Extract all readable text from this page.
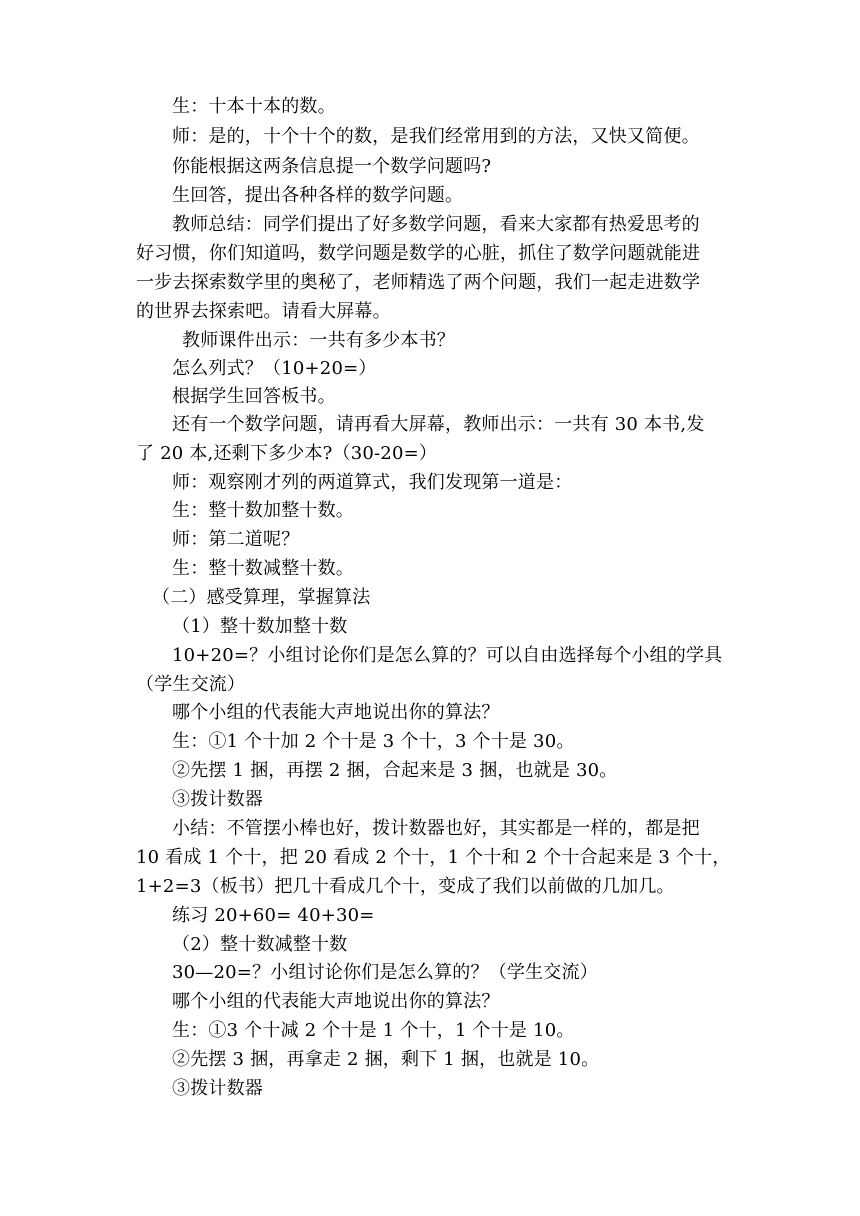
生：十本十本的数。
师：是的，十个十个的数，是我们经常用到的方法，又快又简便。
你能根据这两条信息提一个数学问题吗?
生回答，提出各种各样的数学问题。
教师总结：同学们提出了好多数学问题，看来大家都有热爱思考的
好习惯，你们知道吗，数学问题是数学的心脏，抓住了数学问题就能进
一步去探索数学里的奥秘了，老师精选了两个问题，我们一起走进数学
的世界去探索吧。请看大屏幕。
教师课件出示：一共有多少本书？
怎么列式？（10+20=）
根据学生回答板书。
还有一个数学问题，请再看大屏幕，教师出示：一共有 30 本书,发
了 20 本,还剩下多少本?（30-20=）
师：观察刚才列的两道算式，我们发现第一道是：
生：整十数加整十数。
师：第二道呢？
生：整十数减整十数。
（二）感受算理，掌握算法
（1）整十数加整十数
10+20=？小组讨论你们是怎么算的？可以自由选择每个小组的学具
（学生交流）
哪个小组的代表能大声地说出你的算法？
生：①1 个十加 2 个十是 3 个十，3 个十是 30。
②先摆 1 捆，再摆 2 捆，合起来是 3 捆，也就是 30。
③拨计数器
小结：不管摆小棒也好，拨计数器也好，其实都是一样的，都是把
10 看成 1 个十，把 20 看成 2 个十，1 个十和 2 个十合起来是 3 个十，
1+2=3（板书）把几十看成几个十，变成了我们以前做的几加几。
练习 20+60= 40+30=
（2）整十数减整十数
30—20=？小组讨论你们是怎么算的？（学生交流）
哪个小组的代表能大声地说出你的算法？
生：①3 个十减 2 个十是 1 个十，1 个十是 10。
②先摆 3 捆，再拿走 2 捆，剩下 1 捆，也就是 10。
③拨计数器
